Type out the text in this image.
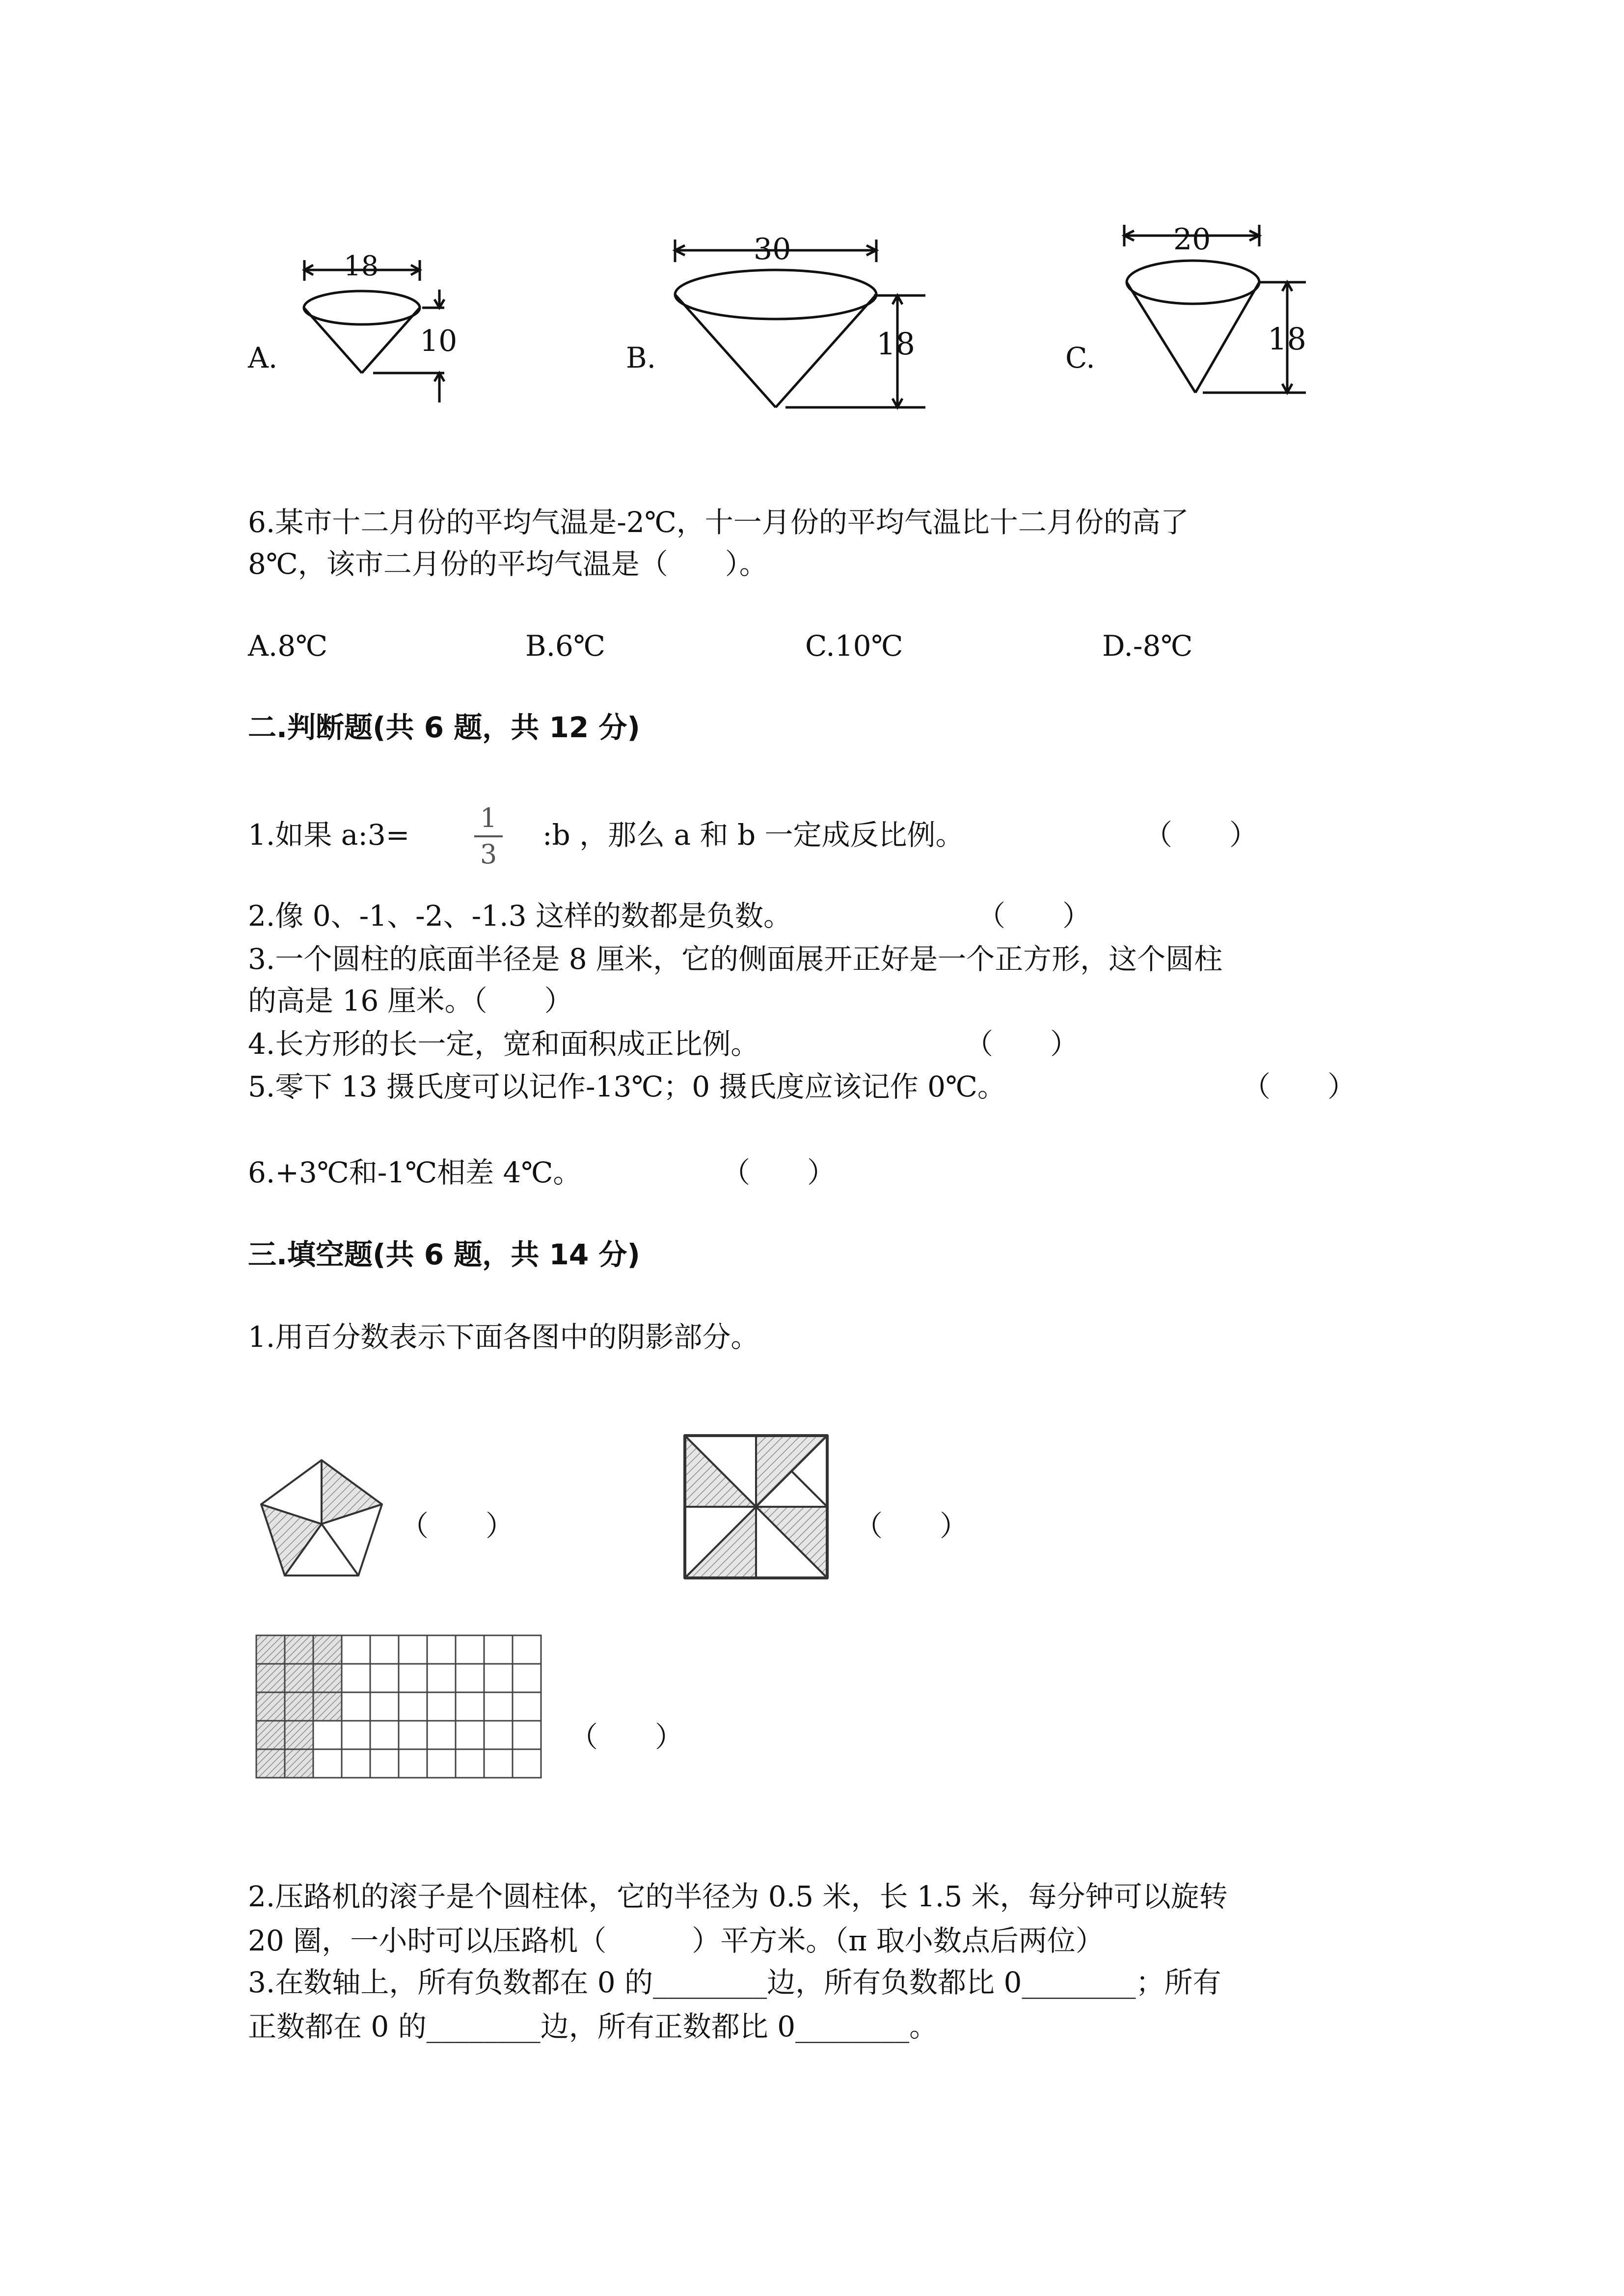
18
10
A.
30
18
B.
20
18
C.
6.某市十二月份的平均气温是-2℃，十一月份的平均气温比十二月份的高了
8℃，该市二月份的平均气温是（　　）。
A.8℃	B.6℃	C.10℃	D.-8℃
二.判断题(共 6 题，共 12 分)
1.如果 a:3=
1
3
:b ，那么 a 和 b 一定成反比例。	（　　）
2.像 0、-1、-2、-1.3 这样的数都是负数。	（　　）
3.一个圆柱的底面半径是 8 厘米，它的侧面展开正好是一个正方形，这个圆柱
的高是 16 厘米。（　　）
4.长方形的长一定，宽和面积成正比例。	（　　）
5.零下 13 摄氏度可以记作-13℃；0 摄氏度应该记作 0℃。	（　　）
6.+3℃和-1℃相差 4℃。	（　　）
三.填空题(共 6 题，共 14 分)
1.用百分数表示下面各图中的阴影部分。
（　　）	（　　）
（　　）
2.压路机的滚子是个圆柱体，它的半径为 0.5 米，长 1.5 米，每分钟可以旋转
20 圈，一小时可以压路机（　　　）平方米。（π 取小数点后两位）
3.在数轴上，所有负数都在 0 的________边，所有负数都比 0________；所有
正数都在 0 的________边，所有正数都比 0________。
